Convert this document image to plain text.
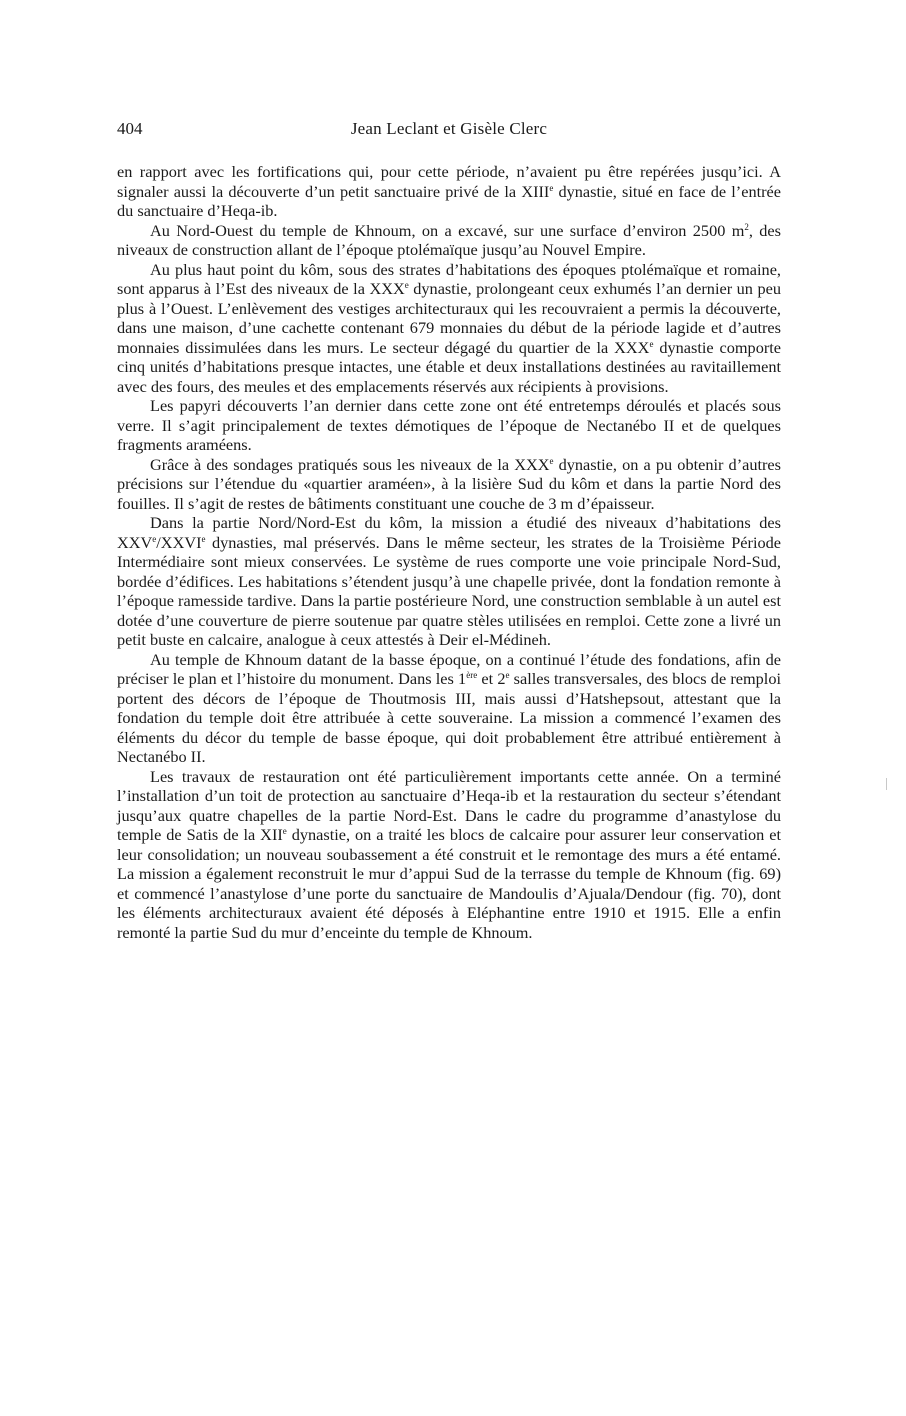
404	Jean Leclant et Gisèle Clerc

en rapport avec les fortifications qui, pour cette période, n’avaient pu être repérées jusqu’ici. A signaler aussi la découverte d’un petit sanctuaire privé de la XIIIe dynastie, situé en face de l’entrée du sanctuaire d’Heqa-ib.

Au Nord-Ouest du temple de Khnoum, on a excavé, sur une surface d’environ 2500 $m^2$, des niveaux de construction allant de l’époque ptolémaïque jusqu’au Nouvel Empire.

Au plus haut point du kôm, sous des strates d’habitations des époques ptolémaïque et romaine, sont apparus à l’Est des niveaux de la XXXe dynastie, prolongeant ceux exhumés l’an dernier un peu plus à l’Ouest. L’enlèvement des vestiges architecturaux qui les recouvraient a permis la découverte, dans une maison, d’une cachette contenant 679 monnaies du début de la période lagide et d’autres monnaies dissimulées dans les murs. Le secteur dégagé du quartier de la XXXe dynastie comporte cinq unités d’habitations presque intactes, une étable et deux installations destinées au ravitaillement avec des fours, des meules et des emplacements réservés aux récipients à provisions.

Les papyri découverts l’an dernier dans cette zone ont été entretemps déroulés et placés sous verre. Il s’agit principalement de textes démotiques de l’époque de Nectanébo II et de quelques fragments araméens.

Grâce à des sondages pratiqués sous les niveaux de la XXXe dynastie, on a pu obtenir d’autres précisions sur l’étendue du «quartier araméen», à la lisière Sud du kôm et dans la partie Nord des fouilles. Il s’agit de restes de bâtiments constituant une couche de 3 m d’épaisseur.

Dans la partie Nord/Nord-Est du kôm, la mission a étudié des niveaux d’habitations des XXVe/XXVIe dynasties, mal préservés. Dans le même secteur, les strates de la Troisième Période Intermédiaire sont mieux conservées. Le système de rues comporte une voie principale Nord-Sud, bordée d’édifices. Les habitations s’étendent jusqu’à une chapelle privée, dont la fondation remonte à l’époque ramesside tardive. Dans la partie postérieure Nord, une construction semblable à un autel est dotée d’une couverture de pierre soutenue par quatre stèles utilisées en remploi. Cette zone a livré un petit buste en calcaire, analogue à ceux attestés à Deir el-Médineh.

Au temple de Khnoum datant de la basse époque, on a continué l’étude des fondations, afin de préciser le plan et l’histoire du monument. Dans les 1ère et 2e salles transversales, des blocs de remploi portent des décors de l’époque de Thoutmosis III, mais aussi d’Hatshepsout, attestant que la fondation du temple doit être attribuée à cette souveraine. La mission a commencé l’examen des éléments du décor du temple de basse époque, qui doit probablement être attribué entièrement à Nectanébo II.

Les travaux de restauration ont été particulièrement importants cette année. On a terminé l’installation d’un toit de protection au sanctuaire d’Heqa-ib et la restauration du secteur s’étendant jusqu’aux quatre chapelles de la partie Nord-Est. Dans le cadre du programme d’anastylose du temple de Satis de la XIIe dynastie, on a traité les blocs de calcaire pour assurer leur conservation et leur consolidation; un nouveau soubassement a été construit et le remontage des murs a été entamé. La mission a également reconstruit le mur d’appui Sud de la terrasse du temple de Khnoum (fig. 69) et commencé l’anastylose d’une porte du sanctuaire de Mandoulis d’Ajuala/Dendour (fig. 70), dont les éléments architecturaux avaient été déposés à Eléphantine entre 1910 et 1915. Elle a enfin remonté la partie Sud du mur d’enceinte du temple de Khnoum.
